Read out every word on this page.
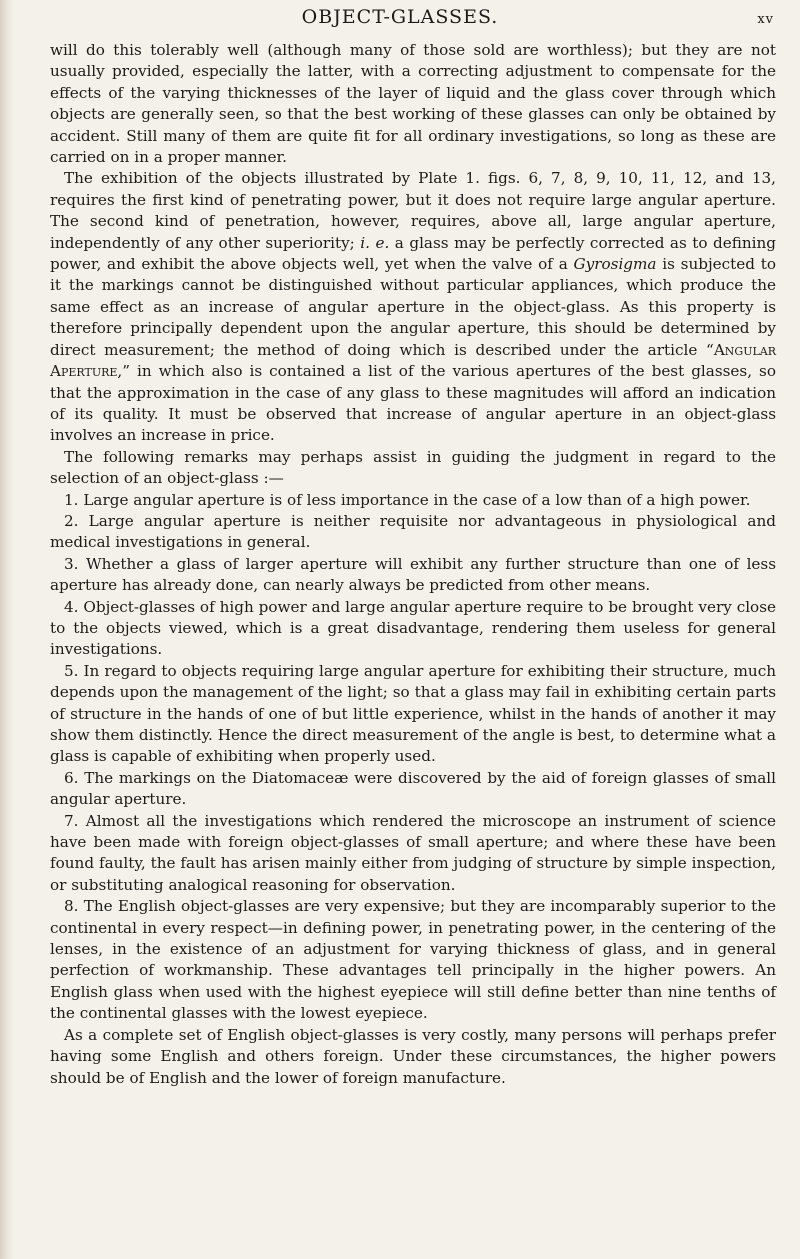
OBJECT-GLASSES.	xv

will do this tolerably well (although many of those sold are worthless); but they are not usually provided, especially the latter, with a correcting adjustment to compensate for the effects of the varying thicknesses of the layer of liquid and the glass cover through which objects are generally seen, so that the best working of these glasses can only be obtained by accident. Still many of them are quite fit for all ordinary investigations, so long as these are carried on in a proper manner.

The exhibition of the objects illustrated by Plate 1. figs. 6, 7, 8, 9, 10, 11, 12, and 13, requires the first kind of penetrating power, but it does not require large angular aperture. The second kind of penetration, however, requires, above all, large angular aperture, independently of any other superiority; i. e. a glass may be perfectly corrected as to defining power, and exhibit the above objects well, yet when the valve of a Gyrosigma is subjected to it the markings cannot be distinguished without particular appliances, which produce the same effect as an increase of angular aperture in the object-glass. As this property is therefore principally dependent upon the angular aperture, this should be determined by direct measurement; the method of doing which is described under the article “Angular Aperture,” in which also is contained a list of the various apertures of the best glasses, so that the approximation in the case of any glass to these magnitudes will afford an indication of its quality. It must be observed that increase of angular aperture in an object-glass involves an increase in price.

The following remarks may perhaps assist in guiding the judgment in regard to the selection of an object-glass :—

1. Large angular aperture is of less importance in the case of a low than of a high power.
2. Large angular aperture is neither requisite nor advantageous in physiological and medical investigations in general.
3. Whether a glass of larger aperture will exhibit any further structure than one of less aperture has already done, can nearly always be predicted from other means.
4. Object-glasses of high power and large angular aperture require to be brought very close to the objects viewed, which is a great disadvantage, rendering them useless for general investigations.
5. In regard to objects requiring large angular aperture for exhibiting their structure, much depends upon the management of the light; so that a glass may fail in exhibiting certain parts of structure in the hands of one of but little experience, whilst in the hands of another it may show them distinctly. Hence the direct measurement of the angle is best, to determine what a glass is capable of exhibiting when properly used.
6. The markings on the Diatomaceæ were discovered by the aid of foreign glasses of small angular aperture.
7. Almost all the investigations which rendered the microscope an instrument of science have been made with foreign object-glasses of small aperture; and where these have been found faulty, the fault has arisen mainly either from judging of structure by simple inspection, or substituting analogical reasoning for observation.
8. The English object-glasses are very expensive; but they are incomparably superior to the continental in every respect—in defining power, in penetrating power, in the centering of the lenses, in the existence of an adjustment for varying thickness of glass, and in general perfection of workmanship. These advantages tell principally in the higher powers. An English glass when used with the highest eyepiece will still define better than nine tenths of the continental glasses with the lowest eyepiece.

As a complete set of English object-glasses is very costly, many persons will perhaps prefer having some English and others foreign. Under these circumstances, the higher powers should be of English and the lower of foreign manufacture.
